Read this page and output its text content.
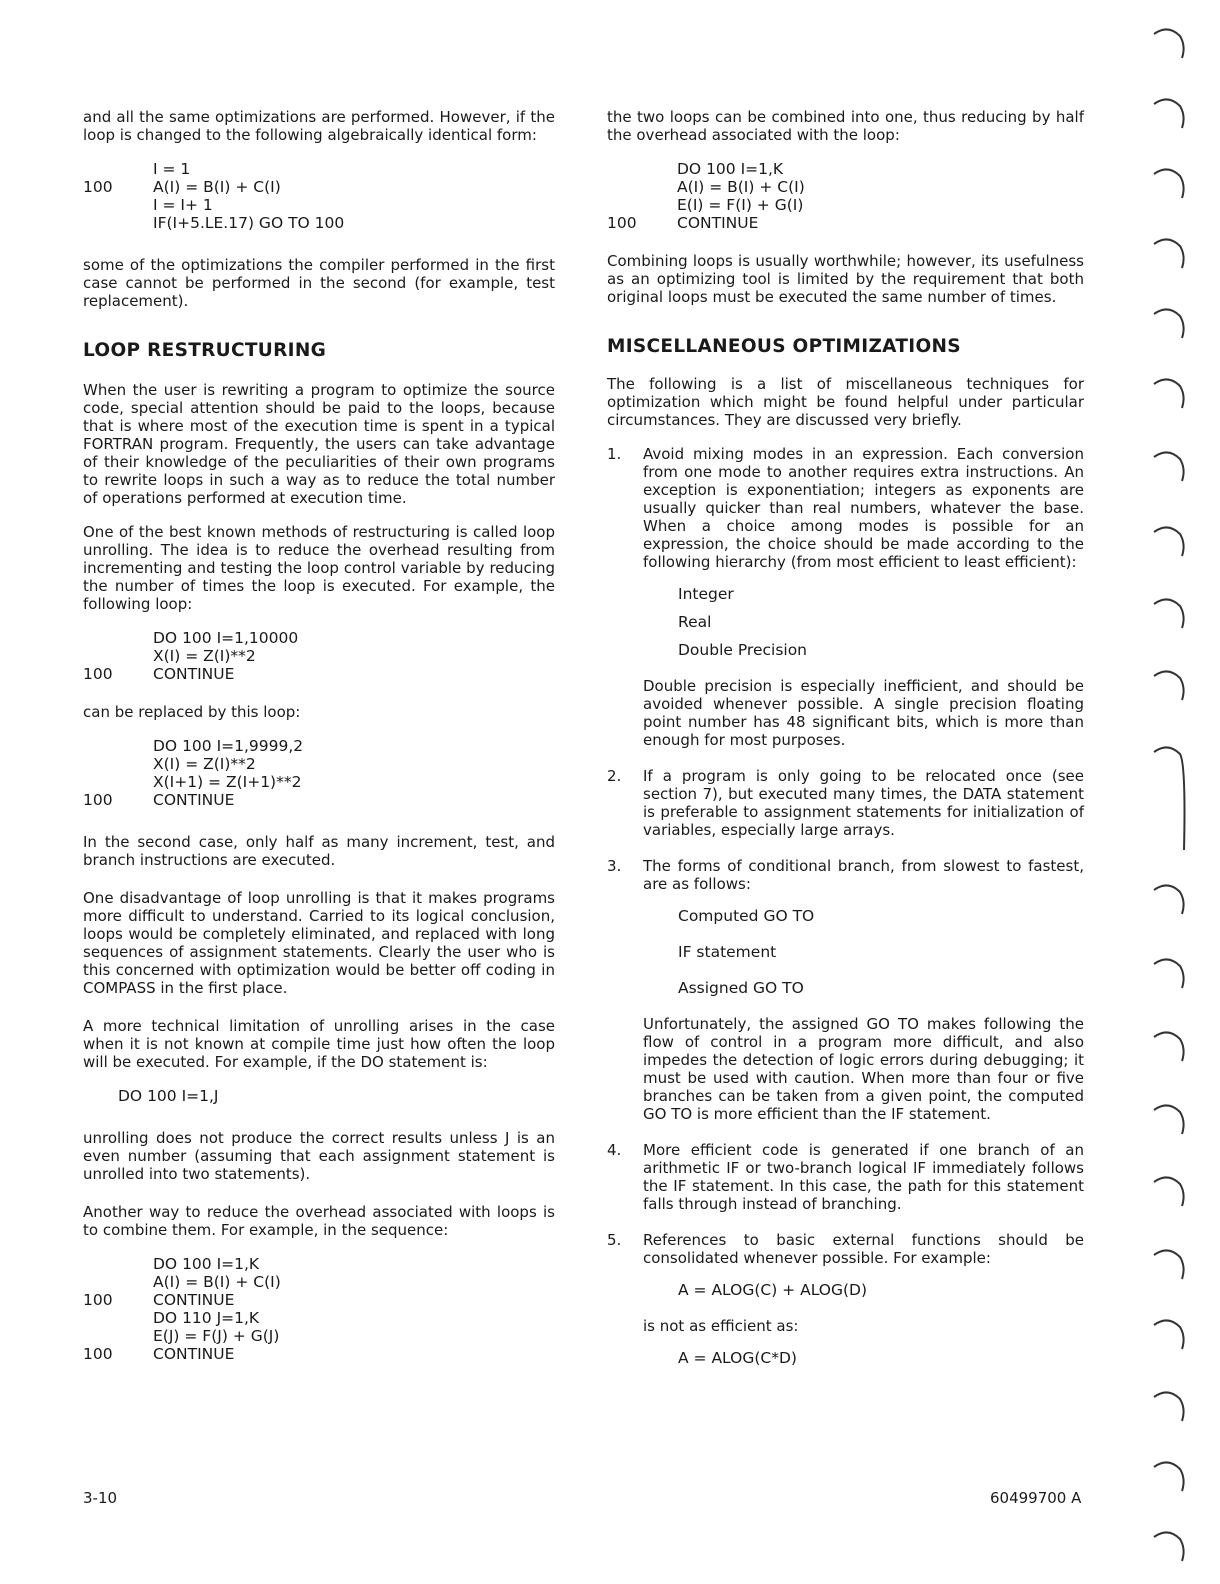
and all the same optimizations are performed. However, if the loop is changed to the following algebraically identical form:

I = 1
100	A(I) = B(I) + C(I)
I = I+ 1
IF(I+5.LE.17) GO TO 100

some of the optimizations the compiler performed in the first case cannot be performed in the second (for example, test replacement).

LOOP RESTRUCTURING

When the user is rewriting a program to optimize the source code, special attention should be paid to the loops, because that is where most of the execution time is spent in a typical FORTRAN program. Frequently, the users can take advantage of their knowledge of the peculiarities of their own programs to rewrite loops in such a way as to reduce the total number of operations performed at execution time.

One of the best known methods of restructuring is called loop unrolling. The idea is to reduce the overhead resulting from incrementing and testing the loop control variable by reducing the number of times the loop is executed. For example, the following loop:

DO 100 I=1,10000
X(I) = Z(I)**2
100	CONTINUE

can be replaced by this loop:

DO 100 I=1,9999,2
X(I) = Z(I)**2
X(I+1) = Z(I+1)**2
100	CONTINUE

In the second case, only half as many increment, test, and branch instructions are executed.

One disadvantage of loop unrolling is that it makes programs more difficult to understand. Carried to its logical conclusion, loops would be completely eliminated, and replaced with long sequences of assignment statements. Clearly the user who is this concerned with optimization would be better off coding in COMPASS in the first place.

A more technical limitation of unrolling arises in the case when it is not known at compile time just how often the loop will be executed. For example, if the DO statement is:

DO 100 I=1,J

unrolling does not produce the correct results unless J is an even number (assuming that each assignment statement is unrolled into two statements).

Another way to reduce the overhead associated with loops is to combine them. For example, in the sequence:

DO 100 I=1,K
A(I) = B(I) + C(I)
100	CONTINUE
DO 110 J=1,K
E(J) = F(J) + G(J)
100	CONTINUE

the two loops can be combined into one, thus reducing by half the overhead associated with the loop:

DO 100 I=1,K
A(I) = B(I) + C(I)
E(I) = F(I) + G(I)
100	CONTINUE

Combining loops is usually worthwhile; however, its usefulness as an optimizing tool is limited by the requirement that both original loops must be executed the same number of times.

MISCELLANEOUS OPTIMIZATIONS

The following is a list of miscellaneous techniques for optimization which might be found helpful under particular circumstances. They are discussed very briefly.

1. Avoid mixing modes in an expression. Each conversion from one mode to another requires extra instructions. An exception is exponentiation; integers as exponents are usually quicker than real numbers, whatever the base. When a choice among modes is possible for an expression, the choice should be made according to the following hierarchy (from most efficient to least efficient):

Integer
Real
Double Precision

Double precision is especially inefficient, and should be avoided whenever possible. A single precision floating point number has 48 significant bits, which is more than enough for most purposes.

2. If a program is only going to be relocated once (see section 7), but executed many times, the DATA statement is preferable to assignment statements for initialization of variables, especially large arrays.

3. The forms of conditional branch, from slowest to fastest, are as follows:

Computed GO TO
IF statement
Assigned GO TO

Unfortunately, the assigned GO TO makes following the flow of control in a program more difficult, and also impedes the detection of logic errors during debugging; it must be used with caution. When more than four or five branches can be taken from a given point, the computed GO TO is more efficient than the IF statement.

4. More efficient code is generated if one branch of an arithmetic IF or two-branch logical IF immediately follows the IF statement. In this case, the path for this statement falls through instead of branching.

5. References to basic external functions should be consolidated whenever possible. For example:

A = ALOG(C) + ALOG(D)

is not as efficient as:

A = ALOG(C*D)
3-10	60499700 A
